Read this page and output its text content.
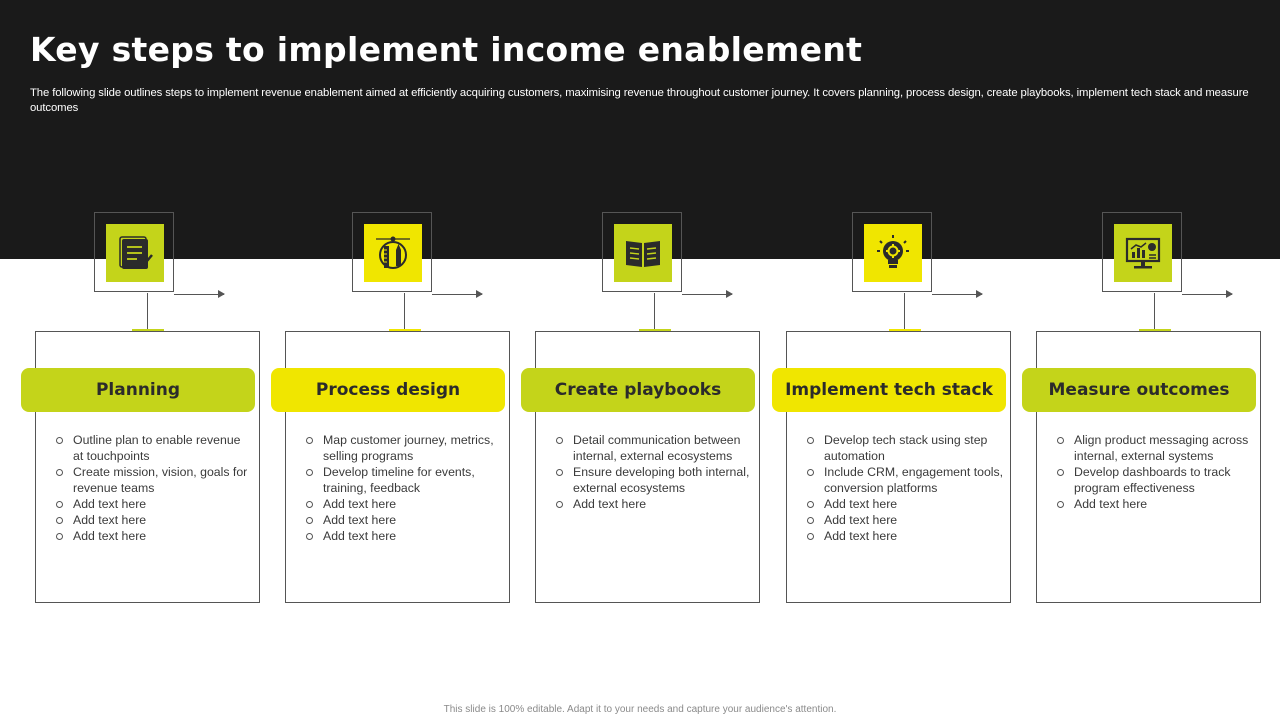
Key steps to implement income enablement

The following slide outlines steps to implement revenue enablement aimed at efficiently acquiring customers, maximising revenue throughout customer journey. It covers planning, process design, create playbooks, implement tech stack and measure outcomes

Planning
Outline plan to enable revenue at touchpoints
Create mission, vision, goals for revenue teams
Add text here
Add text here
Add text here
Process design
Map customer journey, metrics, selling programs
Develop timeline for events, training, feedback
Add text here
Add text here
Add text here
Create playbooks
Detail communication between internal, external ecosystems
Ensure developing both internal, external ecosystems
Add text here
Implement tech stack
Develop tech stack using step automation
Include CRM, engagement tools, conversion platforms
Add text here
Add text here
Add text here
Measure outcomes
Align product messaging across internal, external systems
Develop dashboards to track program effectiveness
Add text here
This slide is 100% editable. Adapt it to your needs and capture your audience's attention.
